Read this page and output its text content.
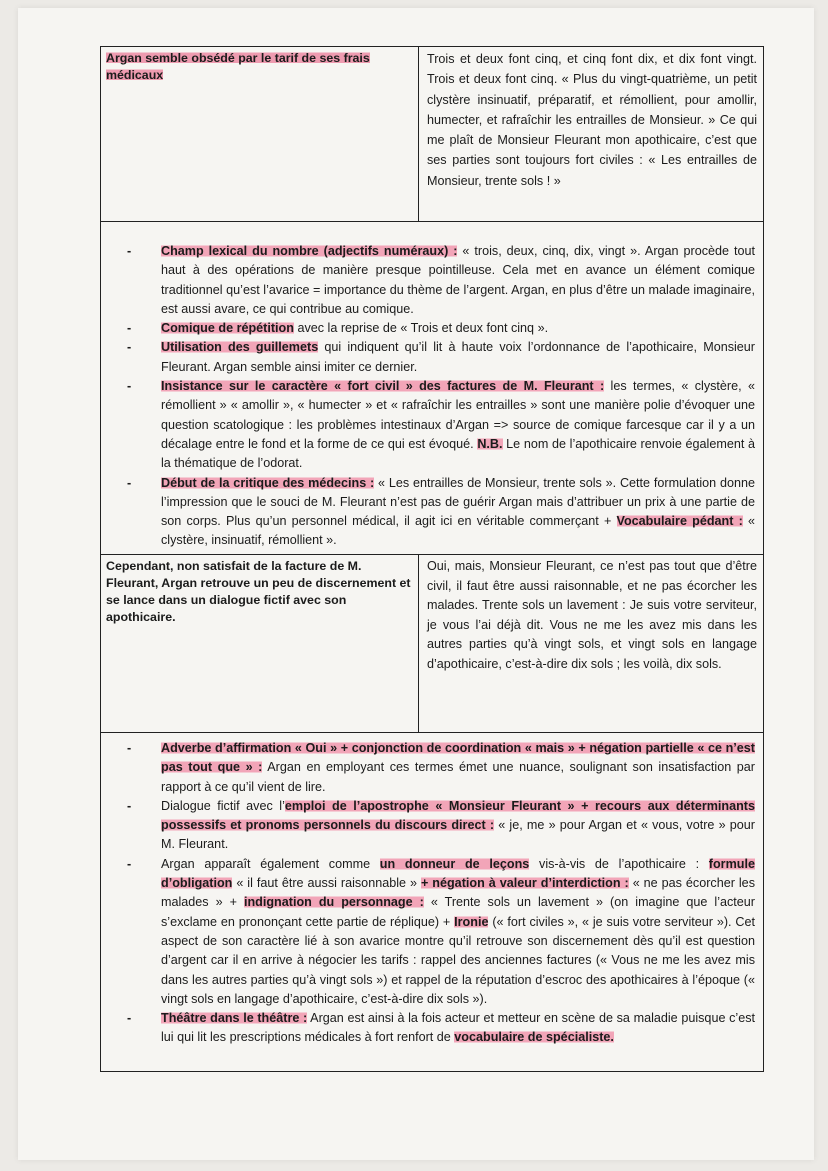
Argan semble obsédé par le tarif de ses frais médicaux
Trois et deux font cinq, et cinq font dix, et dix font vingt. Trois et deux font cinq. « Plus du vingt-quatrième, un petit clystère insinuatif, préparatif, et rémollient, pour amollir, humecter, et rafraîchir les entrailles de Monsieur. » Ce qui me plaît de Monsieur Fleurant mon apothicaire, c’est que ses parties sont toujours fort civiles : « Les entrailles de Monsieur, trente sols ! »
- Champ lexical du nombre (adjectifs numéraux) : « trois, deux, cinq, dix, vingt ». Argan procède tout haut à des opérations de manière presque pointilleuse. Cela met en avance un élément comique traditionnel qu’est l’avarice = importance du thème de l’argent. Argan, en plus d’être un malade imaginaire, est aussi avare, ce qui contribue au comique.
- Comique de répétition avec la reprise de « Trois et deux font cinq ».
- Utilisation des guillemets qui indiquent qu’il lit à haute voix l’ordonnance de l’apothicaire, Monsieur Fleurant. Argan semble ainsi imiter ce dernier.
- Insistance sur le caractère « fort civil » des factures de M. Fleurant : les termes, « clystère, « rémollient » « amollir », « humecter » et « rafraîchir les entrailles » sont une manière polie d’évoquer une question scatologique : les problèmes intestinaux d’Argan => source de comique farcesque car il y a un décalage entre le fond et la forme de ce qui est évoqué. N.B. Le nom de l’apothicaire renvoie également à la thématique de l’odorat.
- Début de la critique des médecins : « Les entrailles de Monsieur, trente sols ». Cette formulation donne l’impression que le souci de M. Fleurant n’est pas de guérir Argan mais d’attribuer un prix à une partie de son corps. Plus qu’un personnel médical, il agit ici en véritable commerçant + Vocabulaire pédant : « clystère, insinuatif, rémollient ».
Cependant, non satisfait de la facture de M. Fleurant, Argan retrouve un peu de discernement et se lance dans un dialogue fictif avec son apothicaire.
Oui, mais, Monsieur Fleurant, ce n’est pas tout que d’être civil, il faut être aussi raisonnable, et ne pas écorcher les malades. Trente sols un lavement : Je suis votre serviteur, je vous l’ai déjà dit. Vous ne me les avez mis dans les autres parties qu’à vingt sols, et vingt sols en langage d’apothicaire, c’est-à-dire dix sols ; les voilà, dix sols.
- Adverbe d’affirmation « Oui » + conjonction de coordination « mais » + négation partielle « ce n’est pas tout que » : Argan en employant ces termes émet une nuance, soulignant son insatisfaction par rapport à ce qu’il vient de lire.
- Dialogue fictif avec l’emploi de l’apostrophe « Monsieur Fleurant » + recours aux déterminants possessifs et pronoms personnels du discours direct : « je, me » pour Argan et « vous, votre » pour M. Fleurant.
- Argan apparaît également comme un donneur de leçons vis-à-vis de l’apothicaire : formule d’obligation « il faut être aussi raisonnable » + négation à valeur d’interdiction : « ne pas écorcher les malades » + indignation du personnage : « Trente sols un lavement » (on imagine que l’acteur s’exclame en prononçant cette partie de réplique) + Ironie (« fort civiles », « je suis votre serviteur »). Cet aspect de son caractère lié à son avarice montre qu’il retrouve son discernement dès qu’il est question d’argent car il en arrive à négocier les tarifs : rappel des anciennes factures (« Vous ne me les avez mis dans les autres parties qu’à vingt sols ») et rappel de la réputation d’escroc des apothicaires à l’époque (« vingt sols en langage d’apothicaire, c’est-à-dire dix sols »).
- Théâtre dans le théâtre : Argan est ainsi à la fois acteur et metteur en scène de sa maladie puisque c’est lui qui lit les prescriptions médicales à fort renfort de vocabulaire de spécialiste.
